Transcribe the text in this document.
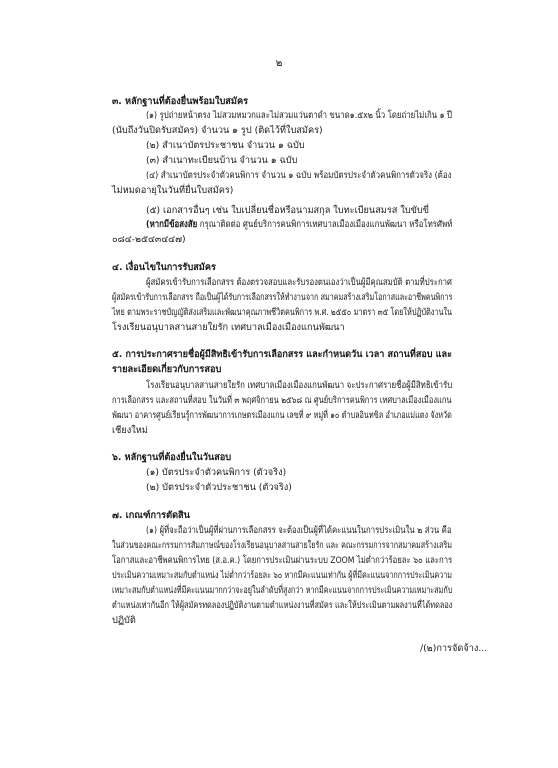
๒
๓. หลักฐานที่ต้องยื่นพร้อมใบสมัคร
(๑) รูปถ่ายหน้าตรง ไม่สวมหมวกและไม่สวมแว่นตาดำ ขนาด๑.๕x๒ นิ้ว โดยถ่ายไม่เกิน ๑ ปี
(นับถึงวันปิดรับสมัคร) จำนวน ๑ รูป (ติดไว้ที่ใบสมัคร)
(๒) สำเนาบัตรประชาชน จำนวน ๑ ฉบับ
(๓) สำเนาทะเบียนบ้าน จำนวน ๑ ฉบับ
(๔) สำเนาบัตรประจำตัวคนพิการ จำนวน ๑ ฉบับ พร้อมบัตรประจำตัวคนพิการตัวจริง (ต้อง
ไม่หมดอายุในวันที่ยื่นใบสมัคร)
(๕) เอกสารอื่นๆ เช่น ใบเปลี่ยนชื่อหรือนามสกุล ใบทะเบียนสมรส ใบขับขี่
(หากมีข้อสงสัย กรุณาติดต่อ ศูนย์บริการคนพิการเทศบาลเมืองเมืองแกนพัฒนา หรือโทรศัพท์
๐๘๔-๒๕๔๓๔๔๗)
๔. เงื่อนไขในการรับสมัคร
ผู้สมัครเข้ารับการเลือกสรร ต้องตรวจสอบและรับรองตนเองว่าเป็นผู้มีคุณสมบัติ ตามที่ประกาศ
ผู้สมัครเข้ารับการเลือกสรร ถือเป็นผู้ได้รับการเลือกสรรให้ทำงานจาก สมาคมสร้างเสริมโอกาสและอาชีพคนพิการ
ไทย ตามพระราชบัญญัติส่งเสริมและพัฒนาคุณภาพชีวิตคนพิการ พ.ศ. ๒๕๕๐ มาตรา ๓๕ โดยให้ปฏิบัติงานใน
โรงเรียนอนุบาลสานสายใยรัก เทศบาลเมืองเมืองแกนพัฒนา
๕. การประกาศรายชื่อผู้มีสิทธิเข้ารับการเลือกสรร และกำหนดวัน เวลา สถานที่สอบ และ
รายละเอียดเกี่ยวกับการสอบ
โรงเรียนอนุบาลสานสายใยรัก เทศบาลเมืองเมืองแกนพัฒนา จะประกาศรายชื่อผู้มีสิทธิเข้ารับ
การเลือกสรร และสถานที่สอบ ในวันที่ ๓ พฤศจิกายน ๒๕๖๘ ณ ศูนย์บริการคนพิการ เทศบาลเมืองเมืองแกน
พัฒนา อาคารศูนย์เรียนรู้การพัฒนาการเกษตรเมืองแกน เลขที่ ๙ หมู่ที่ ๑๐ ตำบลอินทขิล อำเภอแม่แตง จังหวัด
เชียงใหม่
๖. หลักฐานที่ต้องยื่นในวันสอบ
(๑) บัตรประจำตัวคนพิการ (ตัวจริง)
(๒) บัตรประจำตัวประชาชน (ตัวจริง)
๗. เกณฑ์การตัดสิน
(๑) ผู้ที่จะถือว่าเป็นผู้ที่ผ่านการเลือกสรร จะต้องเป็นผู้ที่ได้คะแนนในการประเมินใน ๒ ส่วน คือ
ในส่วนของคณะกรรมการสัมภาษณ์ของโรงเรียนอนุบาลสานสายใยรัก และ คณะกรรมการจากสมาคมสร้างเสริม
โอกาสและอาชีพคนพิการไทย (ส.อ.ค.) โดยการประเมินผ่านระบบ ZOOM ไม่ต่ำกว่าร้อยละ ๖๐ และการ
ประเมินความเหมาะสมกับตำแหน่ง ไม่ต่ำกว่าร้อยละ ๖๐ หากมีคะแนนเท่ากัน ผู้ที่มีคะแนนจากการประเมินความ
เหมาะสมกับตำแหน่งที่มีคะแนนมากกว่าจะอยู่ในลำดับที่สูงกว่า หากมีคะแนนจากการประเมินความเหมาะสมกับ
ตำแหน่งเท่ากันอีก ให้ผู้สมัครทดลองปฏิบัติงานตามตำแหน่งงานที่สมัคร และให้ประเมินตามผลงานที่ได้ทดลอง
ปฏิบัติ
/(๒)การจัดจ้าง...
